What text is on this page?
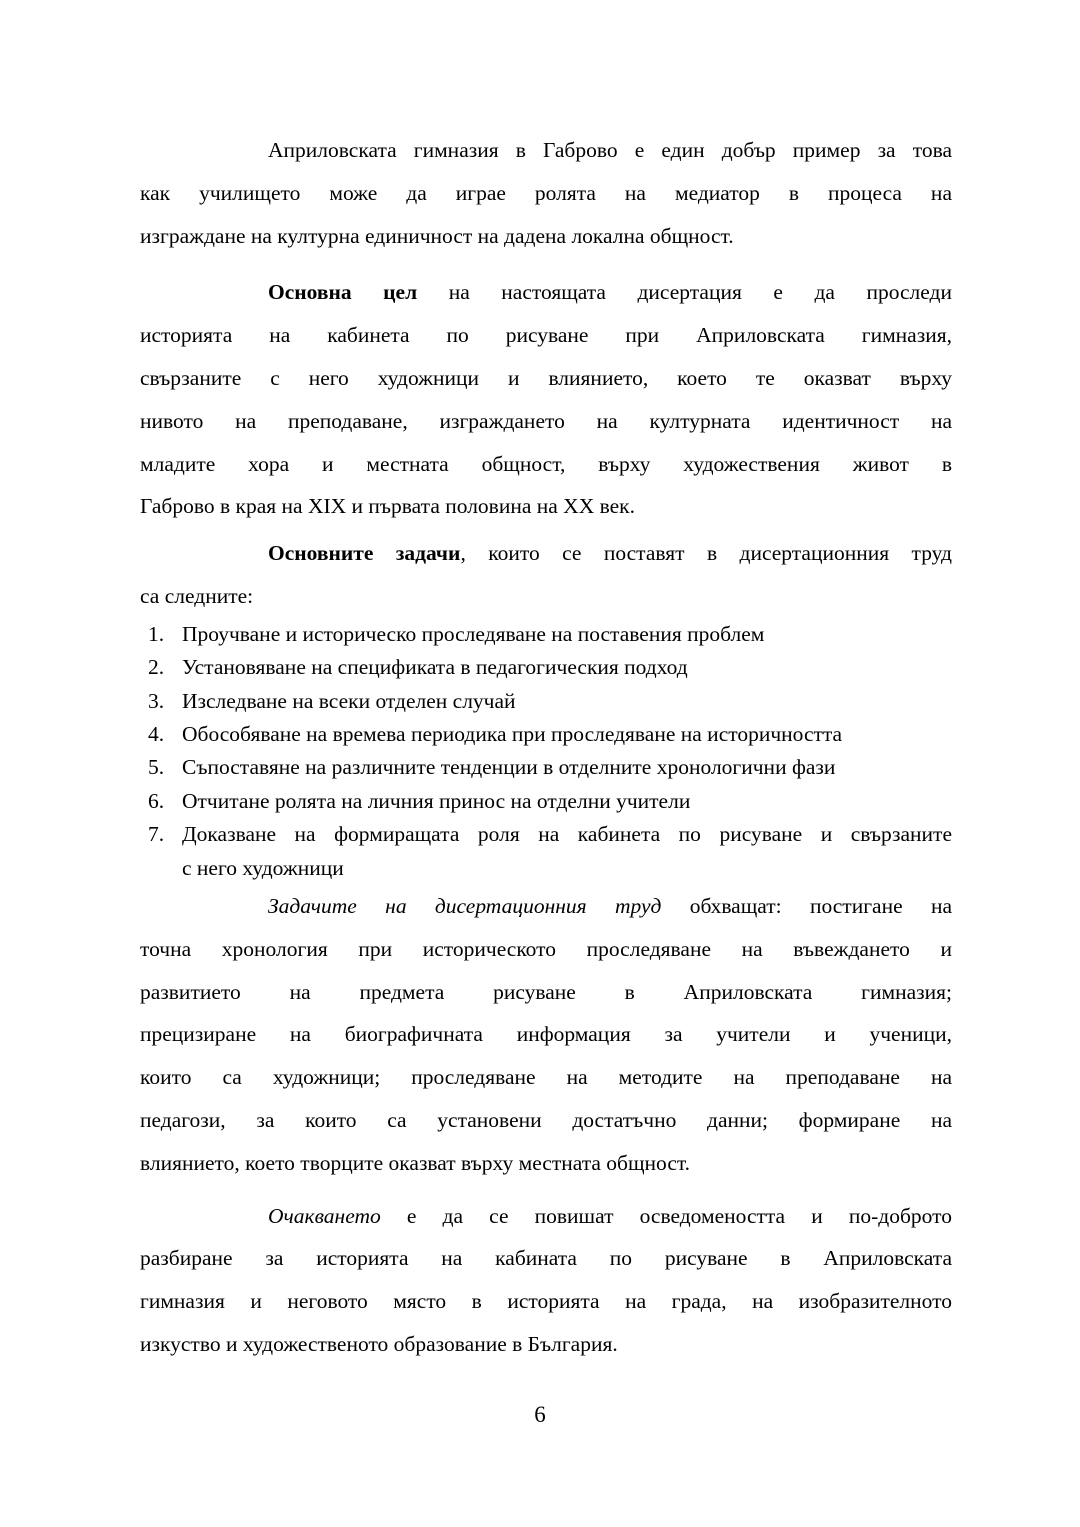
Априловската гимназия в Габрово е един добър пример за това
как училището може да играе ролята на медиатор в процеса на
изграждане на културна единичност на дадена локална общност.
Основна цел на настоящата дисертация е да проследи
историята на кабинета по рисуване при Априловската гимназия,
свързаните с него художници и влиянието, което те оказват върху
нивото на преподаване, изграждането на културната идентичност на
младите хора и местната общност, върху художествения живот в
Габрово в края на XIX и първата половина на XX век.
Основните задачи, които се поставят в дисертационния труд
са следните:
1. Проучване и историческо проследяване на поставения проблем
2. Установяване на спецификата в педагогическия подход
3. Изследване на всеки отделен случай
4. Обособяване на времева периодика при проследяване на историчността
5. Съпоставяне на различните тенденции в отделните хронологични фази
6. Отчитане ролята на личния принос на отделни учители
7. Доказване на формиращата роля на кабинета по рисуване и свързаните
с него художници
Задачите на дисертационния труд обхващат: постигане на
точна хронология при историческото проследяване на въвеждането и
развитието на предмета рисуване в Априловската гимназия;
прецизиране на биографичната информация за учители и ученици,
които са художници; проследяване на методите на преподаване на
педагози, за които са установени достатъчно данни; формиране на
влиянието, което творците оказват върху местната общност.
Очакването е да се повишат осведомеността и по-доброто
разбиране за историята на кабината по рисуване в Априловската
гимназия и неговото място в историята на града, на изобразителното
изкуство и художественото образование в България.
6
